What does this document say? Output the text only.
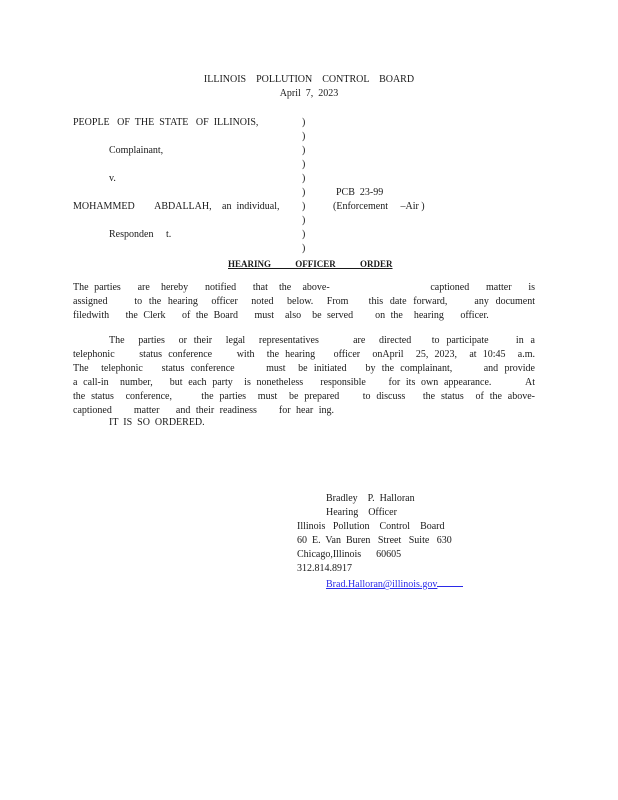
ILLINOIS    POLLUTION    CONTROL    BOARD
April  7,  2023
PEOPLE   OF  THE  STATE   OF  ILLINOIS,
Complainant,
v.
MOHAMMED        ABDALLAH, an  individual,
Responden     t.
)
)
)
)
)
)
)
)
)
)
PCB  23-99
(Enforcement     –Air )
HEARING OFFICER ORDER
The parties   are  hereby   notified   that  the  above-                  captioned   matter   is assigned    to the hearing  officer  noted  below.  From   this date forward,    any document    filedwith   the Clerk   of the Board   must  also  be served    on the  hearing   officer.
The  parties  or their  legal  representatives     are  directed   to participate    in a telephonic    status conference    with  the hearing   officer  onApril  25, 2023,  at 10:45  a.m.  The  telephonic   status conference     must  be initiated   by the complainant,     and provide   a call-in  number,   but each party  is nonetheless   responsible    for its own appearance.      At the status  conference,     the parties  must  be prepared    to discuss   the status  of the above-  captioned    matter   and their readiness    for hear ing.
IT  IS  SO  ORDERED.
Bradley    P.  Halloran
Hearing    Officer
Illinois   Pollution    Control    Board
60  E.  Van  Buren   Street   Suite   630
Chicago,Illinois      60605
312.814.8917
Brad.Halloran@illinois.gov
